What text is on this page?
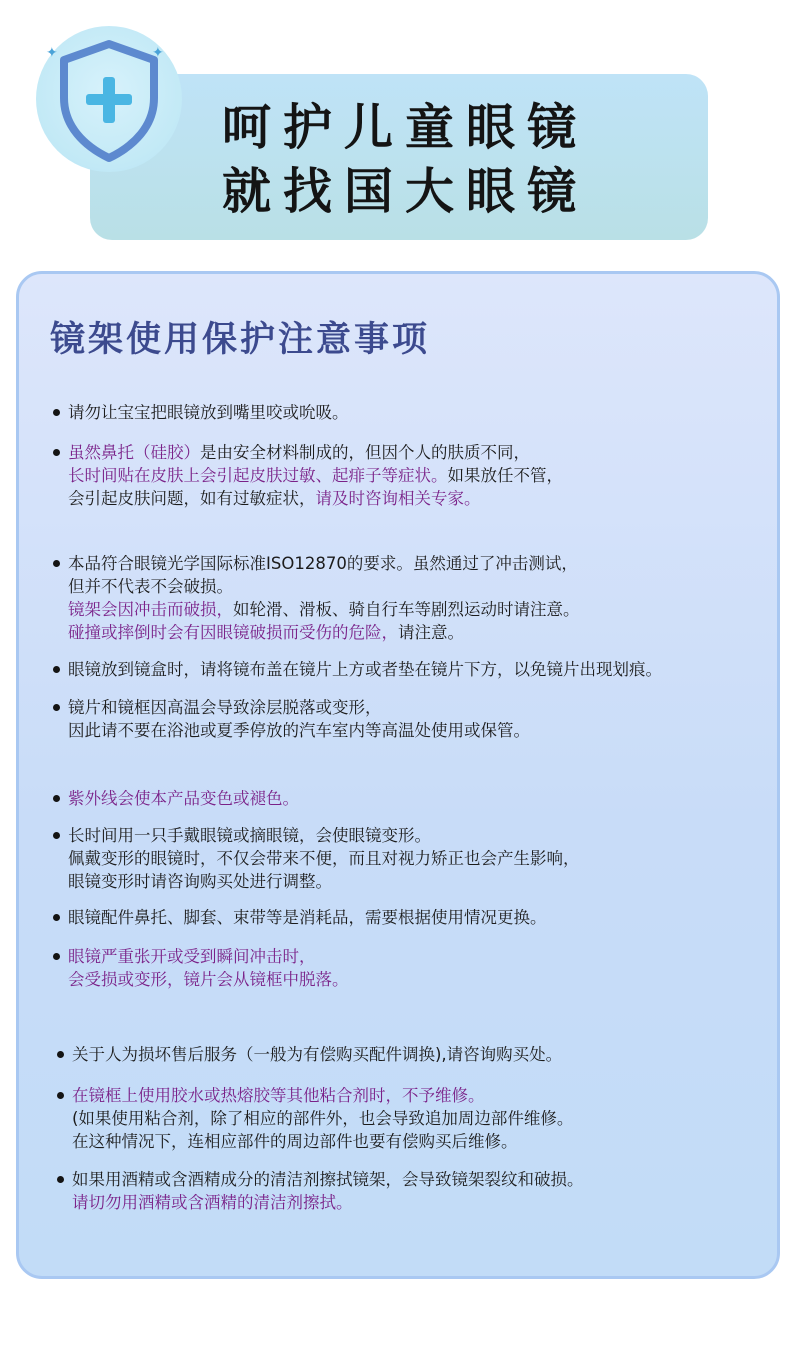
✦	✦
呵护儿童眼镜
就找国大眼镜
镜架使用保护注意事项
请勿让宝宝把眼镜放到嘴里咬或吮吸。
虽然鼻托（硅胶）是由安全材料制成的，但因个人的肤质不同，
长时间贴在皮肤上会引起皮肤过敏、起痱子等症状。如果放任不管，
会引起皮肤问题，如有过敏症状，请及时咨询相关专家。
本品符合眼镜光学国际标准ISO12870的要求。虽然通过了冲击测试，
但并不代表不会破损。
镜架会因冲击而破损，如轮滑、滑板、骑自行车等剧烈运动时请注意。
碰撞或摔倒时会有因眼镜破损而受伤的危险，请注意。
眼镜放到镜盒时，请将镜布盖在镜片上方或者垫在镜片下方，以免镜片出现划痕。
镜片和镜框因高温会导致涂层脱落或变形，
因此请不要在浴池或夏季停放的汽车室内等高温处使用或保管。
紫外线会使本产品变色或褪色。
长时间用一只手戴眼镜或摘眼镜，会使眼镜变形。
佩戴变形的眼镜时，不仅会带来不便，而且对视力矫正也会产生影响，
眼镜变形时请咨询购买处进行调整。
眼镜配件鼻托、脚套、束带等是消耗品，需要根据使用情况更换。
眼镜严重张开或受到瞬间冲击时，
会受损或变形，镜片会从镜框中脱落。
关于人为损坏售后服务（一般为有偿购买配件调换),请咨询购买处。
在镜框上使用胶水或热熔胶等其他粘合剂时，不予维修。
(如果使用粘合剂，除了相应的部件外，也会导致追加周边部件维修。
在这种情况下，连相应部件的周边部件也要有偿购买后维修。
如果用酒精或含酒精成分的清洁剂擦拭镜架，会导致镜架裂纹和破损。
请切勿用酒精或含酒精的清洁剂擦拭。
